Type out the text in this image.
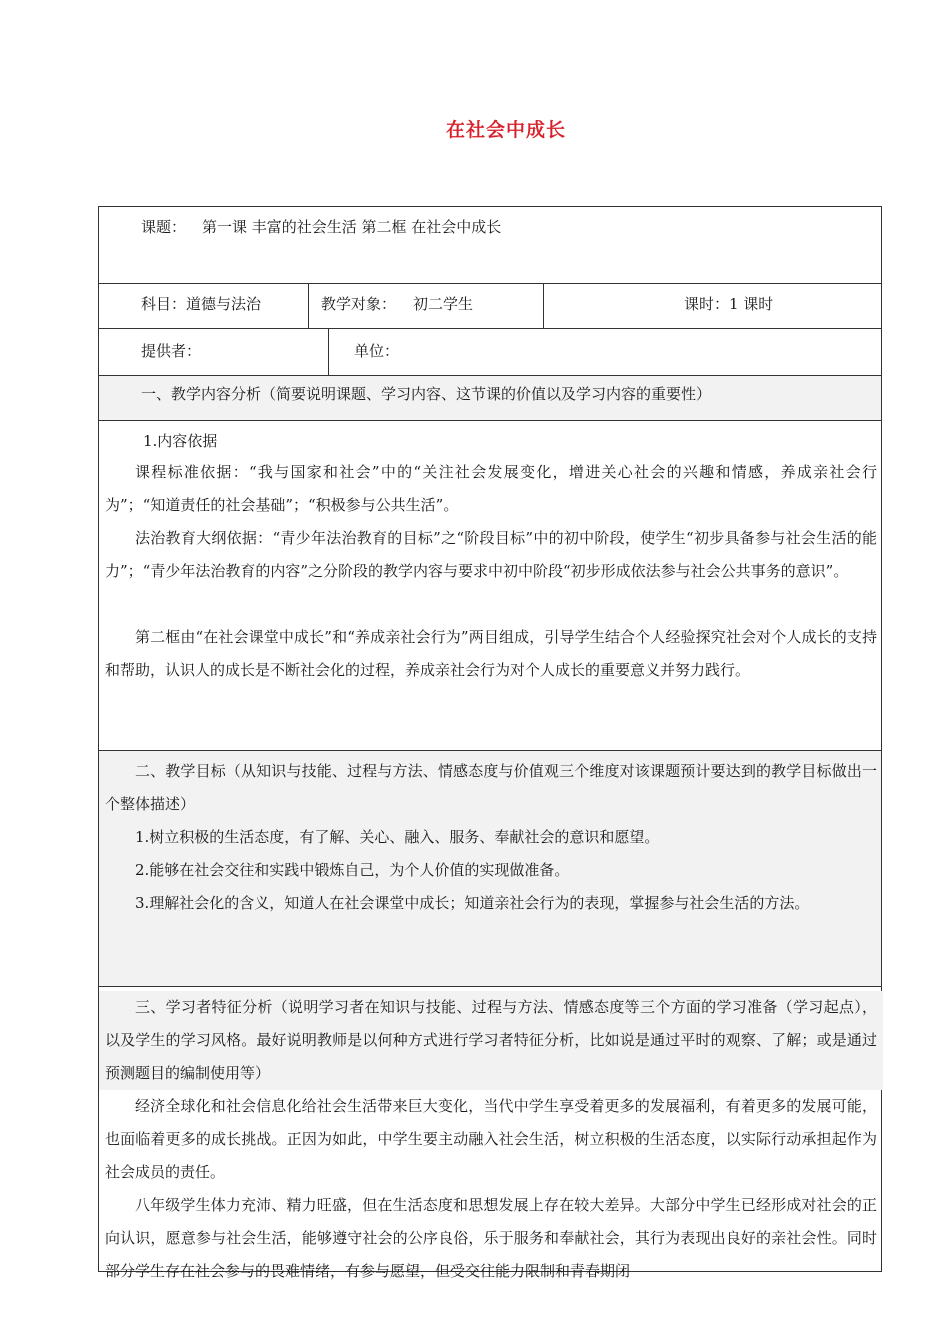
在社会中成长
课题： 第一课 丰富的社会生活 第二框 在社会中成长
科目： 道德与法治	教学对象： 初二学生	课时： 1 课时
提供者：	单位：
一、教学内容分析（简要说明课题、学习内容、这节课的价值以及学习内容的重要性）
1.内容依据
课程标准依据：“我与国家和社会”中的“关注社会发展变化，增进关心社会的兴趣和情感，养成亲社会行为”；“知道责任的社会基础”；“积极参与公共生活”。
法治教育大纲依据：“青少年法治教育的目标”之“阶段目标”中的初中阶段，使学生“初步具备参与社会生活的能力”；“青少年法治教育的内容”之分阶段的教学内容与要求中初中阶段“初步形成依法参与社会公共事务的意识”。
第二框由“在社会课堂中成长”和“养成亲社会行为”两目组成，引导学生结合个人经验探究社会对个人成长的支持和帮助，认识人的成长是不断社会化的过程，养成亲社会行为对个人成长的重要意义并努力践行。
二、教学目标（从知识与技能、过程与方法、情感态度与价值观三个维度对该课题预计要达到的教学目标做出一个整体描述）
1.树立积极的生活态度，有了解、关心、融入、服务、奉献社会的意识和愿望。
2.能够在社会交往和实践中锻炼自己，为个人价值的实现做准备。
3.理解社会化的含义，知道人在社会课堂中成长；知道亲社会行为的表现，掌握参与社会生活的方法。
三、学习者特征分析（说明学习者在知识与技能、过程与方法、情感态度等三个方面的学习准备（学习起点），以及学生的学习风格。最好说明教师是以何种方式进行学习者特征分析，比如说是通过平时的观察、了解；或是通过预测题目的编制使用等）
经济全球化和社会信息化给社会生活带来巨大变化，当代中学生享受着更多的发展福利，有着更多的发展可能，也面临着更多的成长挑战。正因为如此，中学生要主动融入社会生活，树立积极的生活态度，以实际行动承担起作为社会成员的责任。
八年级学生体力充沛、精力旺盛，但在生活态度和思想发展上存在较大差异。大部分中学生已经形成对社会的正向认识，愿意参与社会生活，能够遵守社会的公序良俗，乐于服务和奉献社会，其行为表现出良好的亲社会性。同时部分学生存在社会参与的畏难情绪，有参与愿望，但受交往能力限制和青春期闭
